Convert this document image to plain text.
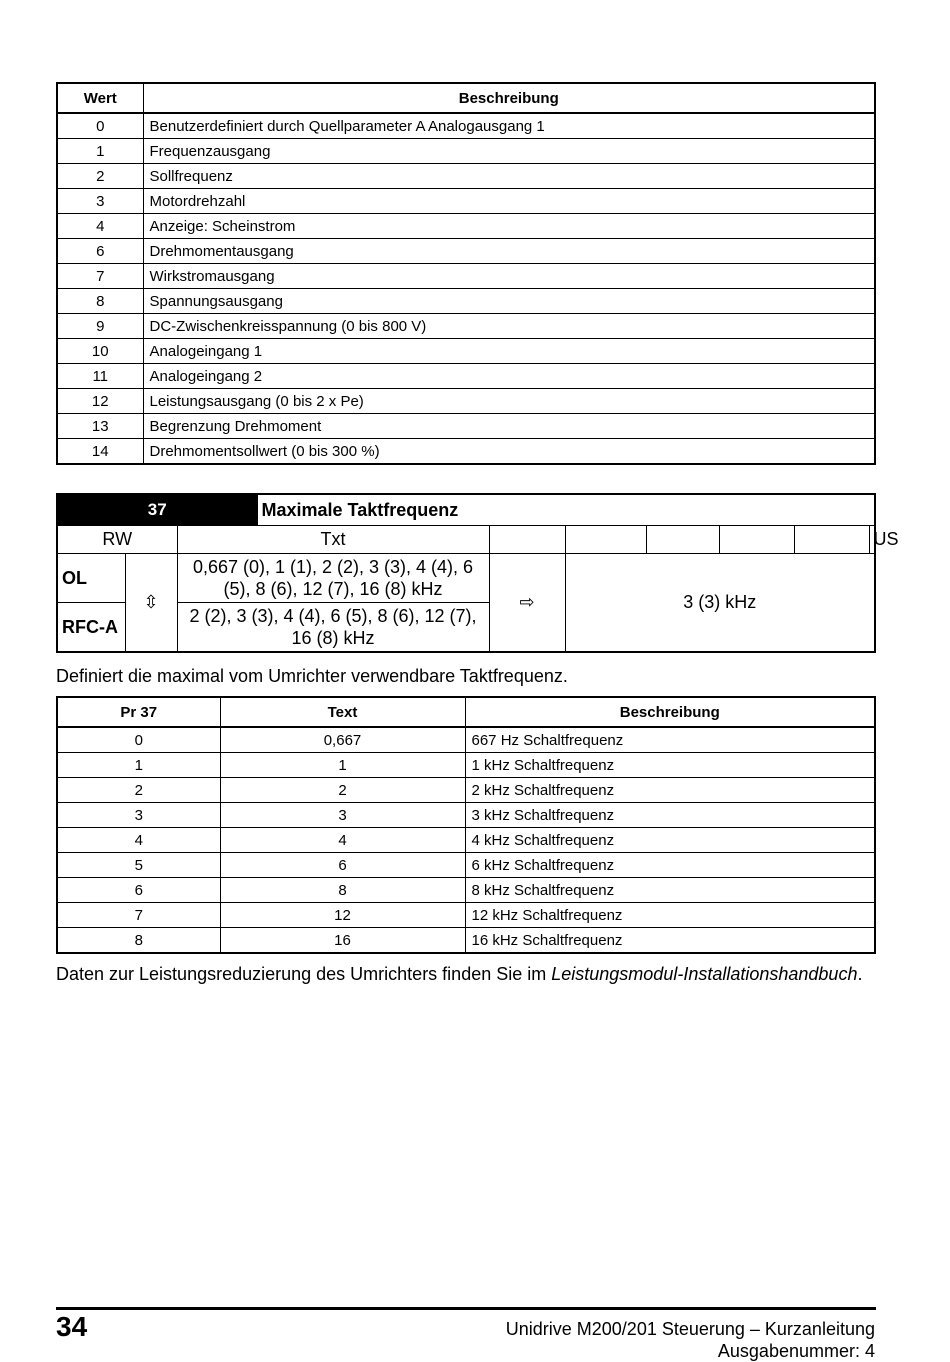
Wert	Beschreibung
0	Benutzerdefiniert durch Quellparameter A Analogausgang 1
1	Frequenzausgang
2	Sollfrequenz
3	Motordrehzahl
4	Anzeige: Scheinstrom
6	Drehmomentausgang
7	Wirkstromausgang
8	Spannungsausgang
9	DC-Zwischenkreisspannung (0 bis 800 V)
10	Analogeingang 1
11	Analogeingang 2
12	Leistungsausgang (0 bis 2 x Pe)
13	Begrenzung Drehmoment
14	Drehmomentsollwert (0 bis 300 %)
37			Maximale Taktfrequenz						
RW		Txt							US
OL	⇳	0,667 (0), 1 (1), 2 (2), 3 (3), 4 (4), 6 (5), 8 (6), 12 (7), 16 (8) kHz		⇨	3 (3) kHz				
RFC-A		2 (2), 3 (3), 4 (4), 6 (5), 8 (6), 12 (7), 16 (8) kHz							

Definiert die maximal vom Umrichter verwendbare Taktfrequenz.

Pr 37	Text	Beschreibung
0	0,667	667 Hz Schaltfrequenz
1	1	1 kHz Schaltfrequenz
2	2	2 kHz Schaltfrequenz
3	3	3 kHz Schaltfrequenz
4	4	4 kHz Schaltfrequenz
5	6	6 kHz Schaltfrequenz
6	8	8 kHz Schaltfrequenz
7	12	12 kHz Schaltfrequenz
8	16	16 kHz Schaltfrequenz

Daten zur Leistungsreduzierung des Umrichters finden Sie im Leistungsmodul-Installationshandbuch.

34	Unidrive M200/201 Steuerung – Kurzanleitung
Ausgabenummer: 4
